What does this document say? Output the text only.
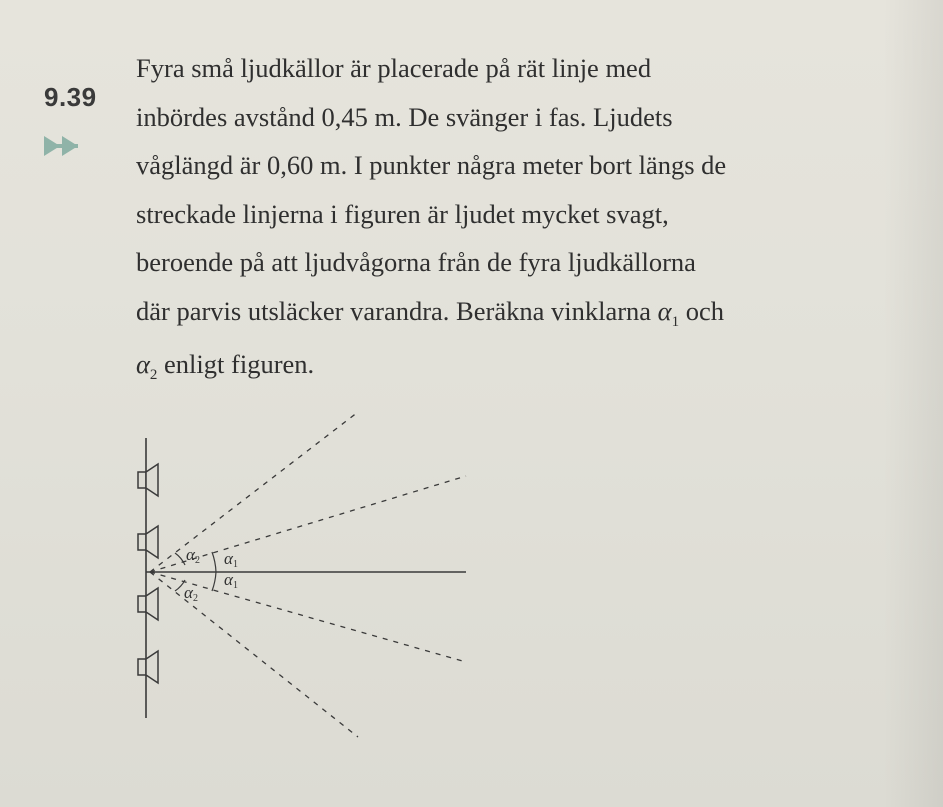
9.39
Fyra små ljudkällor är placerade på rät linje med
inbördes avstånd 0,45 m. De svänger i fas. Ljudets
våglängd är 0,60 m. I punkter några meter bort längs de
streckade linjerna i figuren är ljudet mycket svagt,
beroende på att ljudvågorna från de fyra ljudkällorna
där parvis utsläcker varandra. Beräkna vinklarna $\alpha_1$ och
$\alpha_2$ enligt figuren.
α2 α1
α2
α1
